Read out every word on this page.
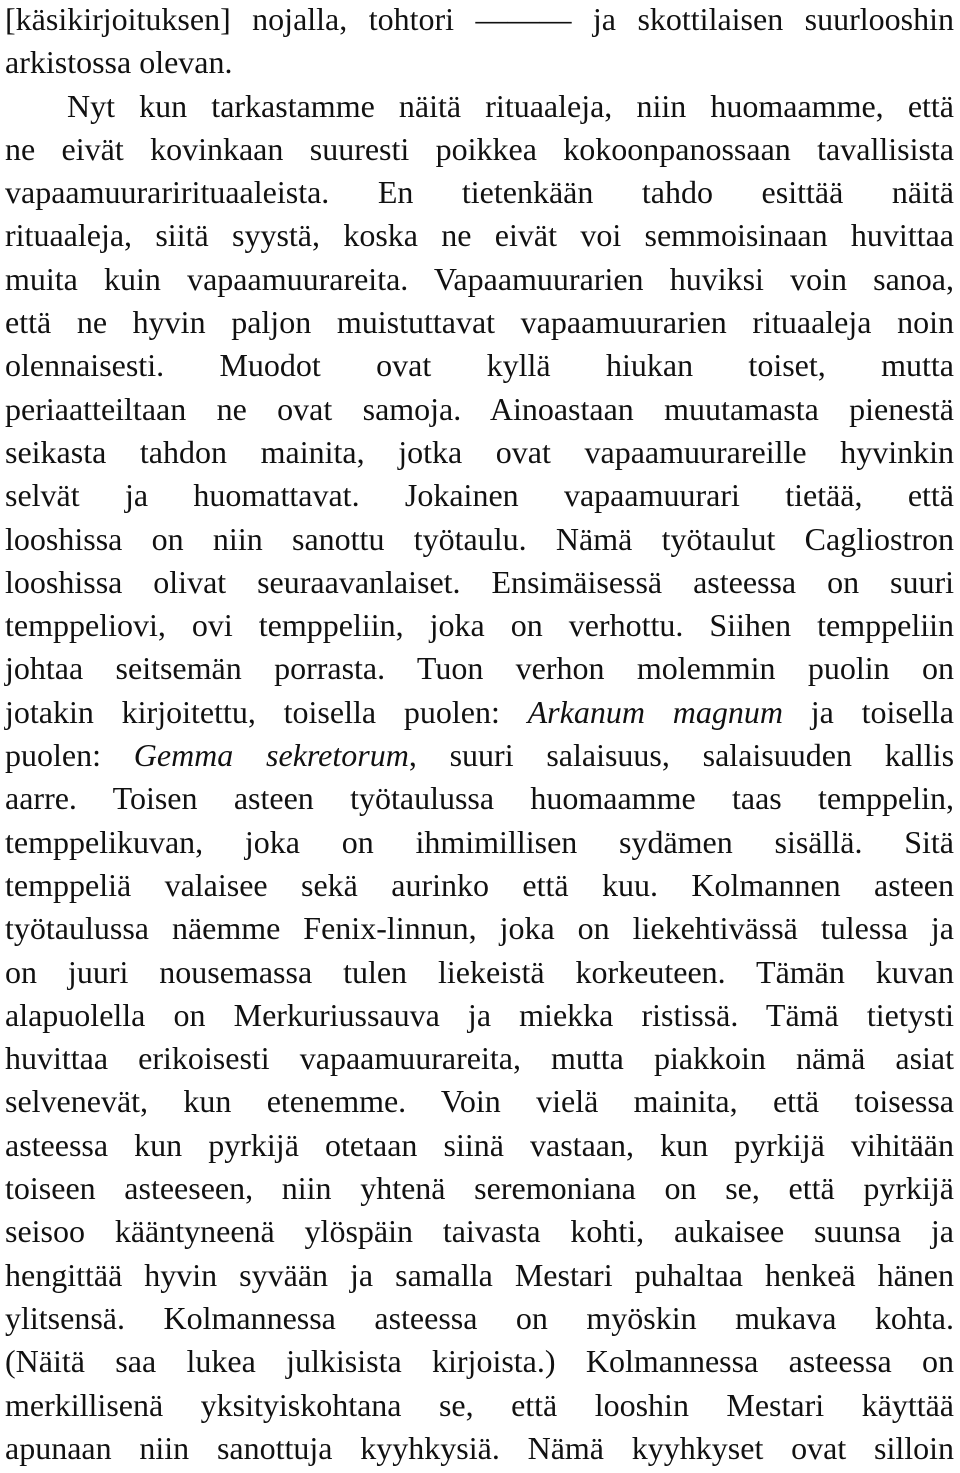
[käsikirjoituksen] nojalla, tohtori ――― ja skottilaisen suurlooshin
arkistossa olevan.
Nyt kun tarkastamme näitä rituaaleja, niin huomaamme, että
ne eivät kovinkaan suuresti poikkea kokoonpanossaan tavallisista
vapaamuurarirituaaleista. En tietenkään tahdo esittää näitä
rituaaleja, siitä syystä, koska ne eivät voi semmoisinaan huvittaa
muita kuin vapaamuurareita. Vapaamuurarien huviksi voin sanoa,
että ne hyvin paljon muistuttavat vapaamuurarien rituaaleja noin
olennaisesti. Muodot ovat kyllä hiukan toiset, mutta
periaatteiltaan ne ovat samoja. Ainoastaan muutamasta pienestä
seikasta tahdon mainita, jotka ovat vapaamuurareille hyvinkin
selvät ja huomattavat. Jokainen vapaamuurari tietää, että
looshissa on niin sanottu työtaulu. Nämä työtaulut Cagliostron
looshissa olivat seuraavanlaiset. Ensimäisessä asteessa on suuri
temppeliovi, ovi temppeliin, joka on verhottu. Siihen temppeliin
johtaa seitsemän porrasta. Tuon verhon molemmin puolin on
jotakin kirjoitettu, toisella puolen: Arkanum magnum ja toisella
puolen: Gemma sekretorum, suuri salaisuus, salaisuuden kallis
aarre. Toisen asteen työtaulussa huomaamme taas temppelin,
temppelikuvan, joka on ihmimillisen sydämen sisällä. Sitä
temppeliä valaisee sekä aurinko että kuu. Kolmannen asteen
työtaulussa näemme Fenix-linnun, joka on liekehtivässä tulessa ja
on juuri nousemassa tulen liekeistä korkeuteen. Tämän kuvan
alapuolella on Merkuriussauva ja miekka ristissä. Tämä tietysti
huvittaa erikoisesti vapaamuurareita, mutta piakkoin nämä asiat
selvenevät, kun etenemme. Voin vielä mainita, että toisessa
asteessa kun pyrkijä otetaan siinä vastaan, kun pyrkijä vihitään
toiseen asteeseen, niin yhtenä seremoniana on se, että pyrkijä
seisoo kääntyneenä ylöspäin taivasta kohti, aukaisee suunsa ja
hengittää hyvin syvään ja samalla Mestari puhaltaa henkeä hänen
ylitsensä. Kolmannessa asteessa on myöskin mukava kohta.
(Näitä saa lukea julkisista kirjoista.) Kolmannessa asteessa on
merkillisenä yksityiskohtana se, että looshin Mestari käyttää
apunaan niin sanottuja kyyhkysiä. Nämä kyyhkyset ovat silloin
